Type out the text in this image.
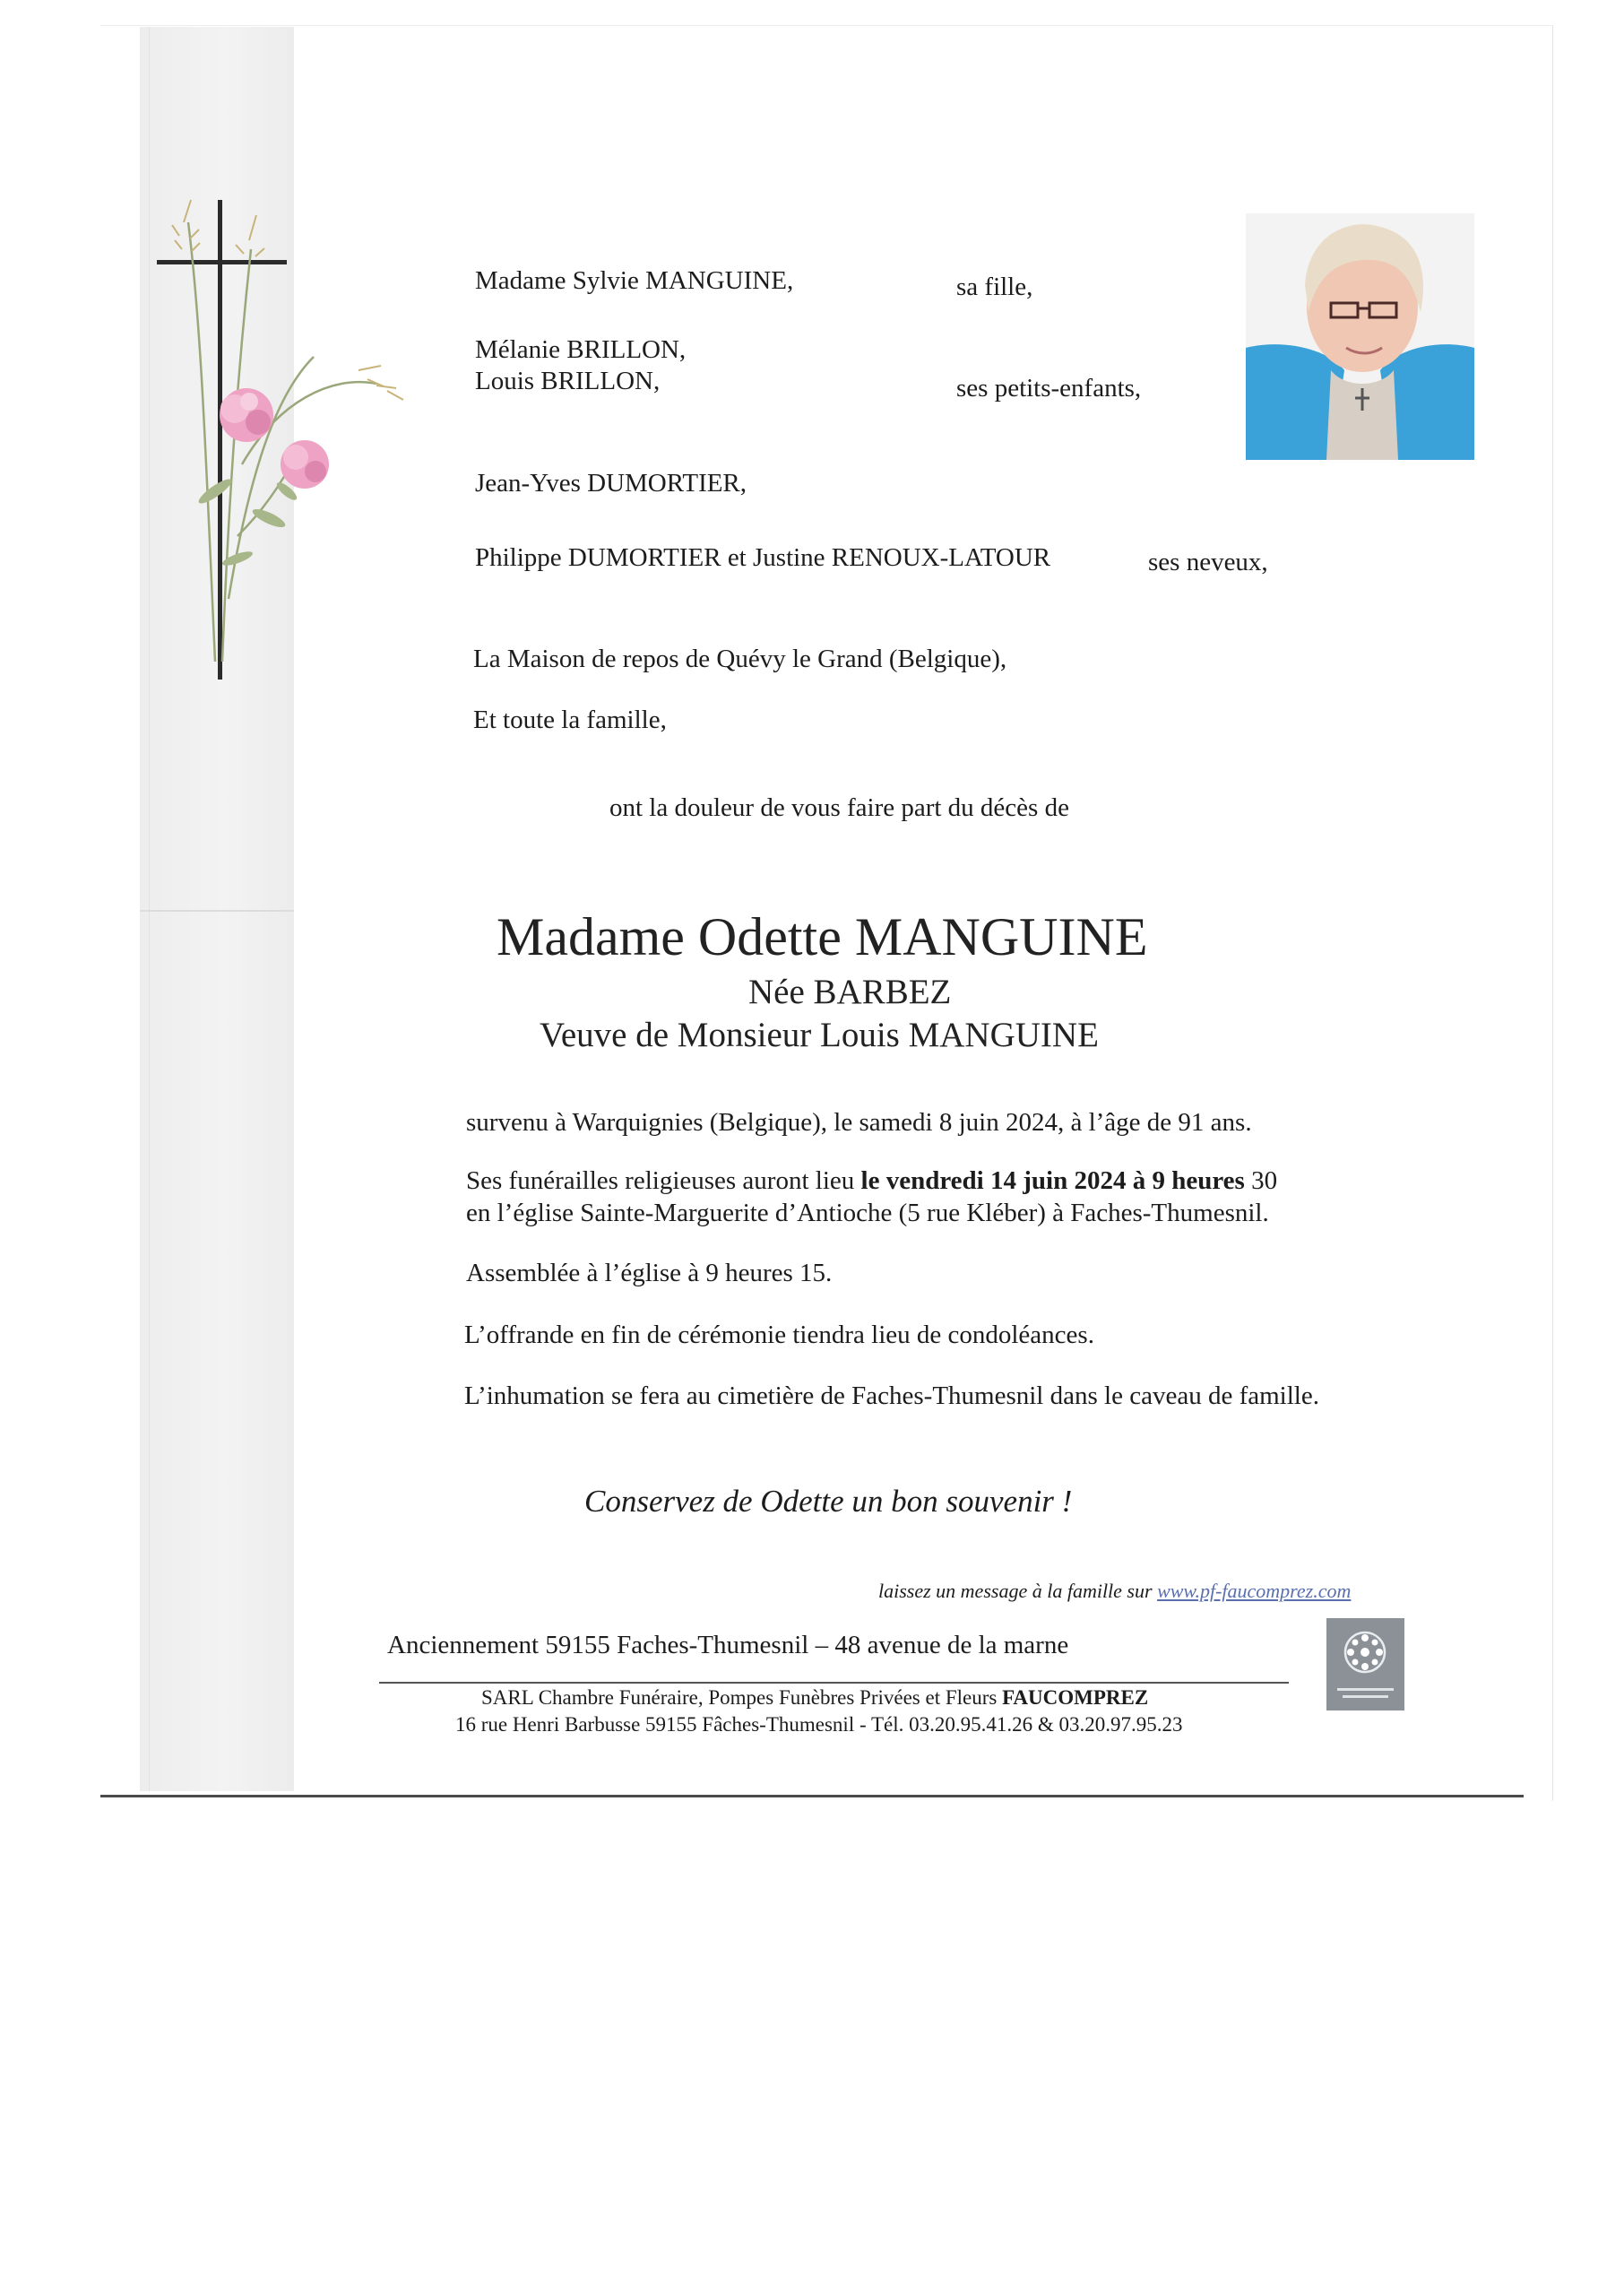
Madame Sylvie MANGUINE,	sa fille,
Mélanie BRILLON,
Louis BRILLON,	ses petits-enfants,
Jean-Yves DUMORTIER,
Philippe DUMORTIER et Justine RENOUX-LATOUR	ses neveux,
La Maison de repos de Quévy le Grand (Belgique),
Et toute la famille,
ont la douleur de vous faire part du décès de
Madame Odette MANGUINE
Née BARBEZ
Veuve de Monsieur Louis MANGUINE
survenu à Warquignies (Belgique), le samedi 8 juin 2024, à l’âge de 91 ans.
Ses funérailles religieuses auront lieu le vendredi 14 juin 2024 à 9 heures 30
en l’église Sainte-Marguerite d’Antioche (5 rue Kléber) à Faches-Thumesnil.
Assemblée à l’église à 9 heures 15.
L’offrande en fin de cérémonie tiendra lieu de condoléances.
L’inhumation se fera au cimetière de Faches-Thumesnil dans le caveau de famille.
Conservez de Odette un bon souvenir !
laissez un message à la famille sur www.pf-faucomprez.com
Anciennement 59155 Faches-Thumesnil – 48 avenue de la marne
SARL Chambre Funéraire, Pompes Funèbres Privées et Fleurs FAUCOMPREZ
16 rue Henri Barbusse 59155 Fâches-Thumesnil - Tél. 03.20.95.41.26 & 03.20.97.95.23
